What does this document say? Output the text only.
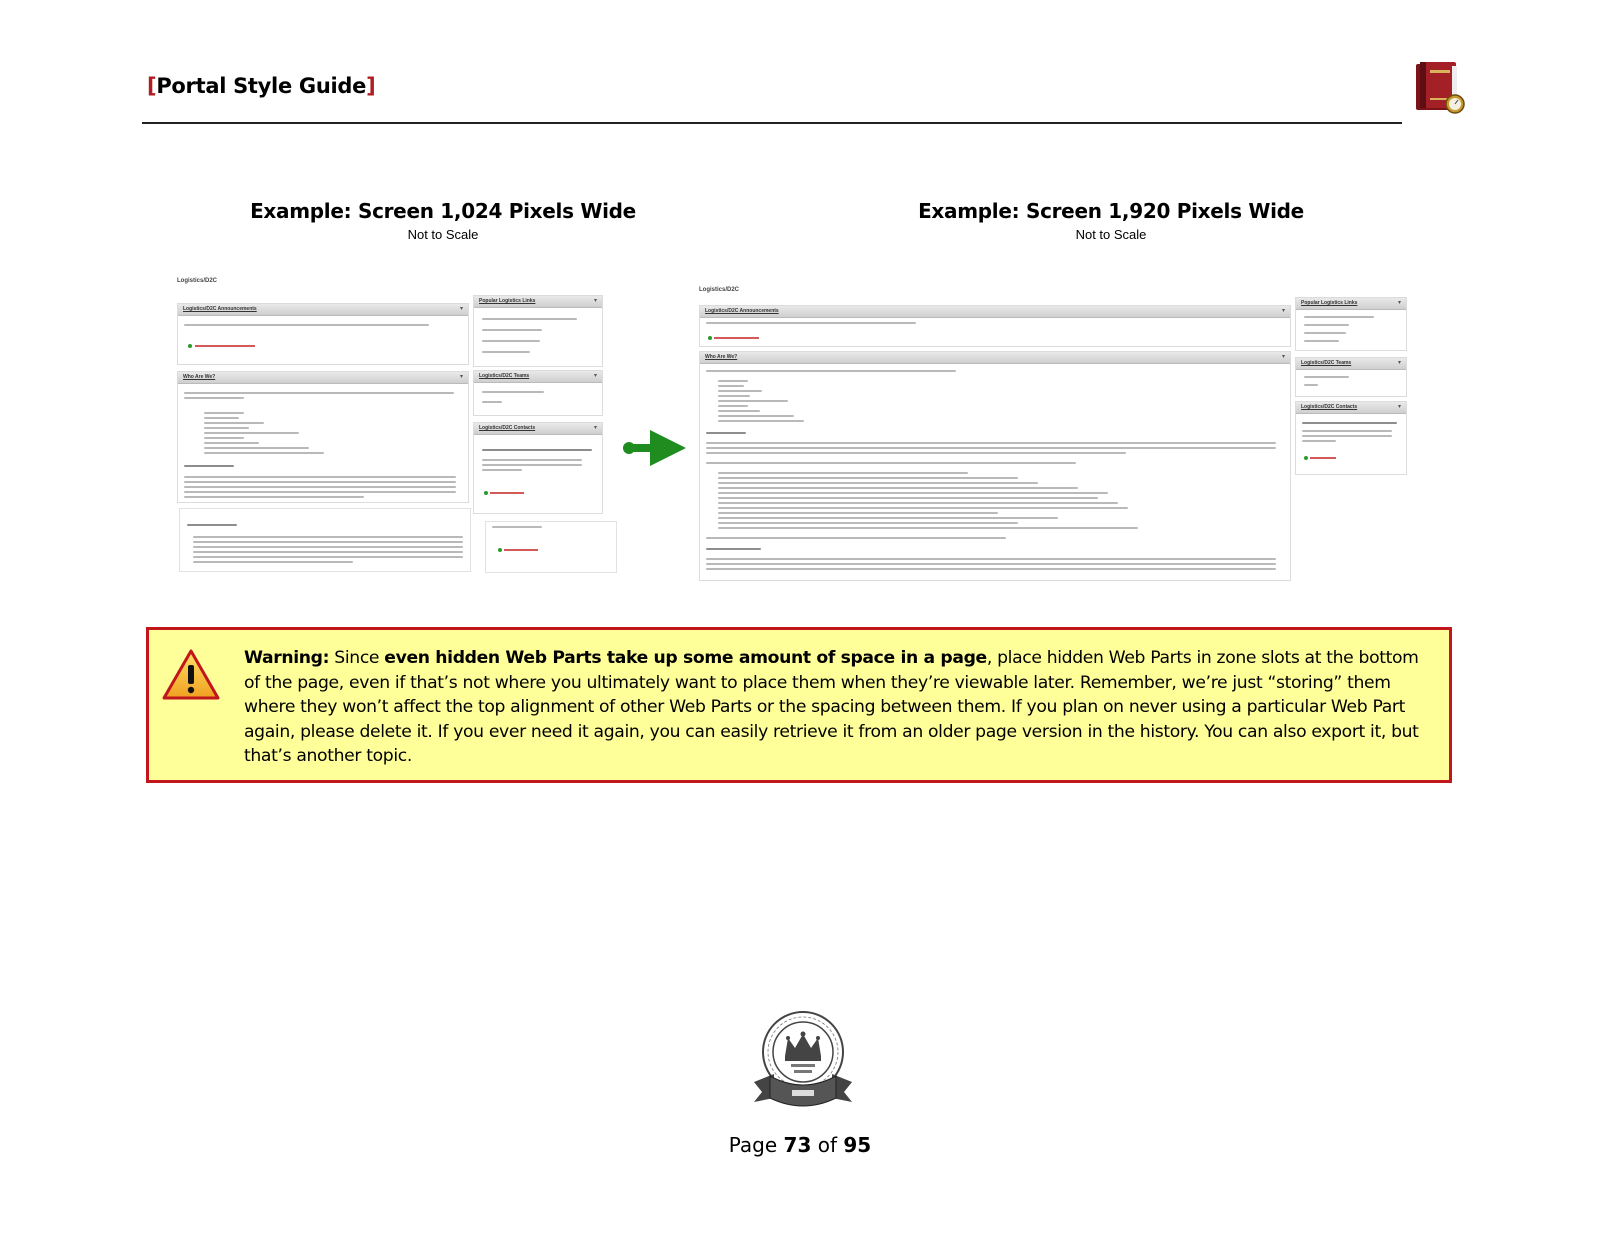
[Portal Style Guide]
Example: Screen 1,024 Pixels Wide
Not to Scale
Example: Screen 1,920 Pixels Wide
Not to Scale
Logistics/D2C
Logistics/D2C Announcements	▾
Who Are We?	▾
Popular Logistics Links	▾
Logistics/D2C Teams	▾
Logistics/D2C Contacts	▾
Logistics/D2C
Logistics/D2C Announcements	▾
Who Are We?	▾
Popular Logistics Links	▾
Logistics/D2C Teams	▾
Logistics/D2C Contacts	▾
Warning: Since even hidden Web Parts take up some amount of space in a page, place hidden Web Parts in zone slots at the bottom of the page, even if that’s not where you ultimately want to place them when they’re viewable later. Remember, we’re just “storing” them where they won’t affect the top alignment of other Web Parts or the spacing between them. If you plan on never using a particular Web Part again, please delete it. If you ever need it again, you can easily retrieve it from an older page version in the history. You can also export it, but that’s another topic.
Page 73 of 95
